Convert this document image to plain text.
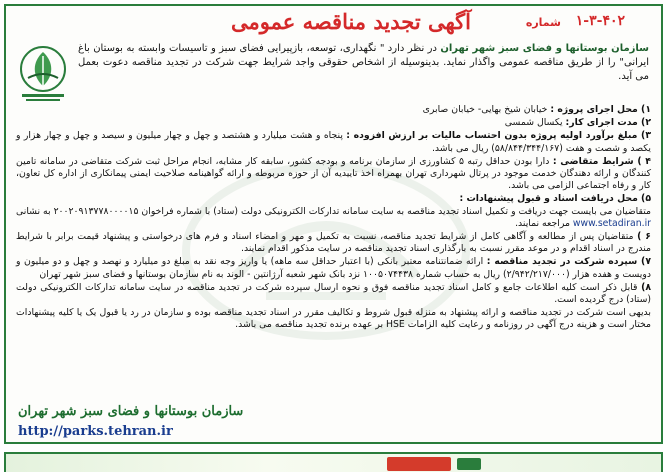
آگهی تجدید مناقصه عمومی	شماره ۱-۳-۴۰۲
سازمان بوستانها و فضای سبز شهر تهران در نظر دارد " نگهداری، توسعه، بازپیرایی فضای سبز و تاسیسات وابسته به بوستان باغ ایرانی" را از طریق مناقصه عمومی واگذار نماید. بدینوسیله از اشخاص حقوقی واجد شرایط جهت شرکت در تجدید مناقصه دعوت بعمل می آید.
۱) محل اجرای پروژه : خیابان شیخ بهایی- خیابان صابری
۲) مدت اجرای کار: یکسال شمسی
۳) مبلغ برآورد اولیه پروژه بدون احتساب مالیات بر ارزش افزوده : پنجاه و هشت میلیارد و هشتصد و چهل و چهار میلیون و سیصد و چهل و چهار هزار و یکصد و شصت و هفت (۵۸/۸۴۴/۳۴۴/۱۶۷) ریال می باشد.
۴ ) شرایط متقاضی : دارا بودن حداقل رتبه ۵ کشاورزی از سازمان برنامه و بودجه کشور، سابقه کار مشابه، انجام مراحل ثبت شرکت متقاضی در سامانه تامین کنندگان و ارائه دهندگان خدمت موجود در پرتال شهرداری تهران بهمراه اخذ تاییدیه آن از حوزه مربوطه و ارائه گواهینامه صلاحیت ایمنی پیمانکاری از اداره کل تعاون، کار و رفاه اجتماعی الزامی می باشد.
۵) محل دریافت اسناد و قبول پیشنهادات :
متقاضیان می بایست جهت دریافت و تکمیل اسناد تجدید مناقصه به سایت سامانه تدارکات الکترونیکی دولت (ستاد) با شماره فراخوان ۲۰۰۲۰۹۱۳۷۷۸۰۰۰۰۱۵ به نشانی www.setadiran.ir مراجعه نمایند.
۶ ) متقاضیان پس از مطالعه و آگاهی کامل از شرایط تجدید مناقصه، نسبت به تکمیل و مهر و امضاء اسناد و فرم های درخواستی و پیشنهاد قیمت برابر با شرایط مندرج در اسناد اقدام و در موعد مقرر نسبت به بارگذاری اسناد تجدید مناقصه در سایت مذکور اقدام نمایند.
۷) سپرده شرکت در تجدید مناقصه : ارائه ضمانتنامه معتبر بانکی (با اعتبار حداقل سه ماهه) یا واریز وجه نقد به مبلغ دو میلیارد و نهصد و چهل و دو میلیون و دویست و هفده هزار (۲/۹۴۲/۲۱۷/۰۰۰) ریال به حساب شماره ۱۰۰۵۰۷۴۴۳۸ نزد بانک شهر شعبه آرژانتین - الوند به نام سازمان بوستانها و فضای سبز شهر تهران
۸) قابل ذکر است کلیه اطلاعات جامع و کامل اسناد تجدید مناقصه فوق و نحوه ارسال سپرده شرکت در تجدید مناقصه در سایت سامانه تدارکات الکترونیکی دولت (ستاد) درج گردیده است.
بدیهی است شرکت در تجدید مناقصه و ارائه پیشنهاد به منزله قبول شروط و تکالیف مقرر در اسناد تجدید مناقصه بوده و سازمان در رد یا قبول یک یا کلیه پیشنهادات مختار است و هزینه درج آگهی در روزنامه و رعایت کلیه الزامات HSE بر عهده برنده تجدید مناقصه می باشد.
سازمان بوستانها و فضای سبز شهر تهران
http://parks.tehran.ir
